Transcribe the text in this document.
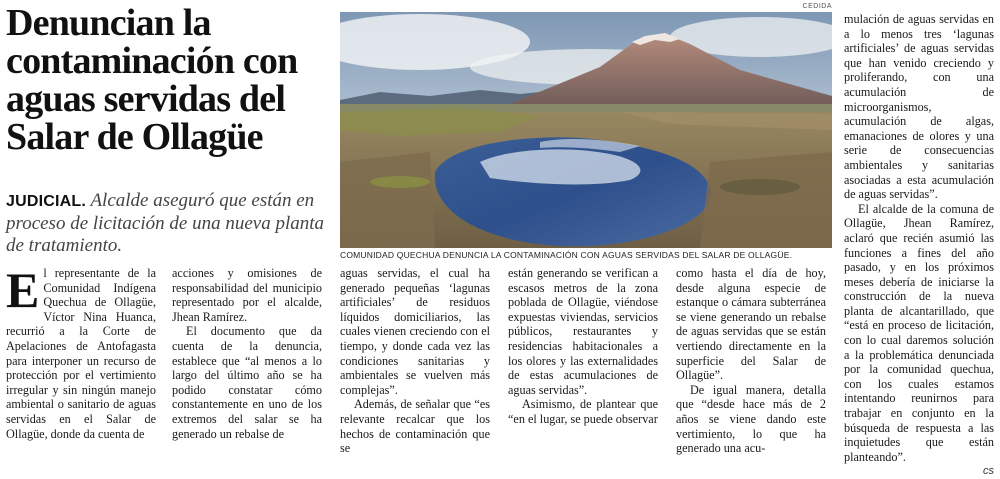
Denuncian la contaminación con aguas servidas del Salar de Ollagüe

JUDICIAL. Alcalde aseguró que están en proceso de licitación de una nueva planta de tratamiento.

CEDIDA
COMUNIDAD QUECHUA DENUNCIA LA CONTAMINACIÓN CON AGUAS SERVIDAS DEL SALAR DE OLLAGÜE.

El representante de la Comunidad Indígena Quechua de Ollagüe, Víctor Nina Huanca, recurrió a la Corte de Apelaciones de Antofagasta para interponer un recurso de protección por el vertimiento irregular y sin ningún manejo ambiental o sanitario de aguas servidas en el Salar de Ollagüe, donde da cuenta de

acciones y omisiones de responsabilidad del municipio representado por el alcalde, Jhean Ramírez.

El documento que da cuenta de la denuncia, establece que “al menos a lo largo del último año se ha podido constatar cómo constantemente en uno de los extremos del salar se ha generado un rebalse de

aguas servidas, el cual ha generado pequeñas ‘lagunas artificiales’ de residuos líquidos domiciliarios, las cuales vienen creciendo con el tiempo, y donde cada vez las condiciones sanitarias y ambientales se vuelven más complejas”.

Además, de señalar que “es relevante recalcar que los hechos de contaminación que se

están generando se verifican a escasos metros de la zona poblada de Ollagüe, viéndose expuestas viviendas, servicios públicos, restaurantes y residencias habitacionales a los olores y las externalidades de estas acumulaciones de aguas servidas”.

Asimismo, de plantear que “en el lugar, se puede observar

como hasta el día de hoy, desde alguna especie de estanque o cámara subterránea se viene generando un rebalse de aguas servidas que se están vertiendo directamente en la superficie del Salar de Ollagüe”.

De igual manera, detalla que “desde hace más de 2 años se viene dando este vertimiento, lo que ha generado una acu-

mulación de aguas servidas en a lo menos tres ‘lagunas artificiales’ de aguas servidas que han venido creciendo y proliferando, con una acumulación de microorganismos, acumulación de algas, emanaciones de olores y una serie de consecuencias ambientales y sanitarias asociadas a esta acumulación de aguas servidas”.

El alcalde de la comuna de Ollagüe, Jhean Ramírez, aclaró que recién asumió las funciones a fines del año pasado, y en los próximos meses debería de iniciarse la construcción de la nueva planta de alcantarillado, que “está en proceso de licitación, con lo cual daremos solución a la problemática denunciada por la comunidad quechua, con los cuales estamos intentando reunirnos para trabajar en conjunto en la búsqueda de respuesta a las inquietudes que están planteando”.

cs
